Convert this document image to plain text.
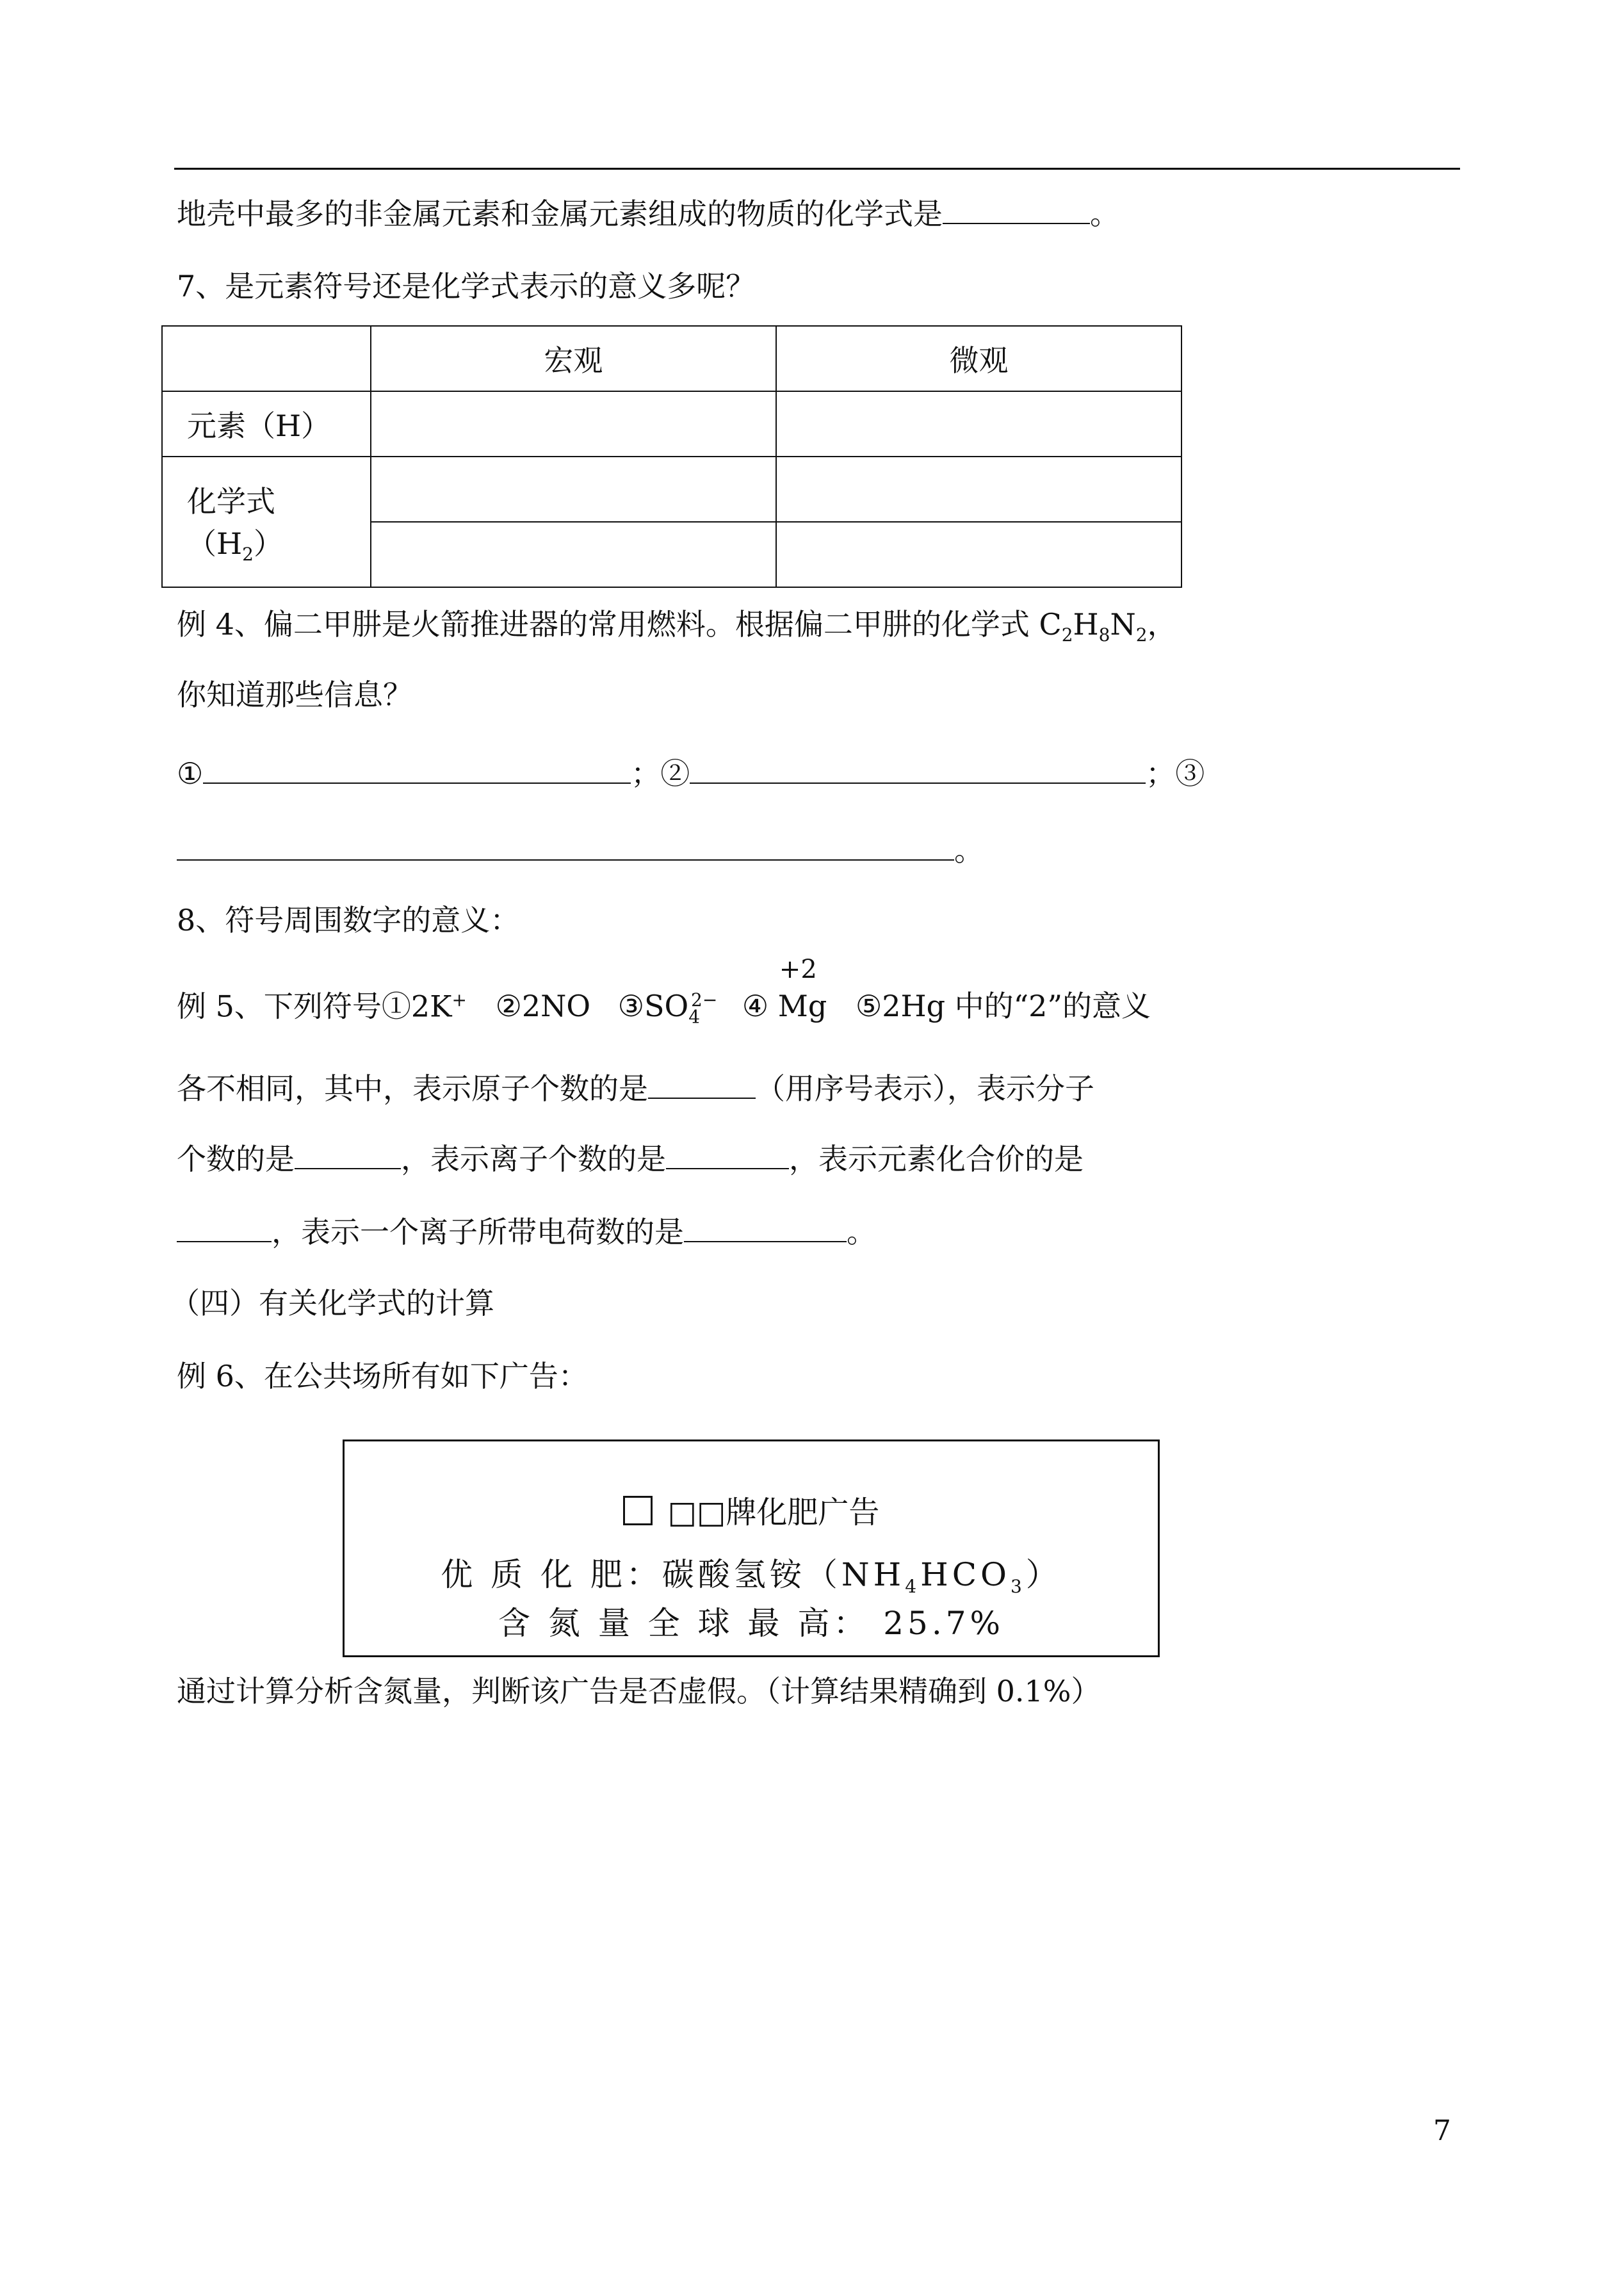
地壳中最多的非金属元素和金属元素组成的物质的化学式是	。
7、是元素符号还是化学式表示的意义多呢？
	宏观	微观
元素（H）		
化学式$(H_2)$		

例 4、偏二甲肼是火箭推进器的常用燃料。根据偏二甲肼的化学式 $C_2H_8N_2$，
你知道那些信息？
①	；②	；③
。
8、符号周围数字的意义：
例 5、下列符号①2K+ ②2NO $③SO_4^{2-}$ ④
+2
Mg ⑤2Hg 中的“2”的意义
各不相同，其中，表示原子个数的是	（用序号表示），表示分子
个数的是	，表示离子个数的是	，表示元素化合价的是
，表示一个离子所带电荷数的是	。
（四）有关化学式的计算
例 6、在公共场所有如下广告：
□□牌化肥广告
优 质 化 肥：碳酸氢铵$(NH_4HCO_3)$
含 氮 量 全 球 最 高： 25.7%
通过计算分析含氮量，判断该广告是否虚假。（计算结果精确到 0.1%）
7
